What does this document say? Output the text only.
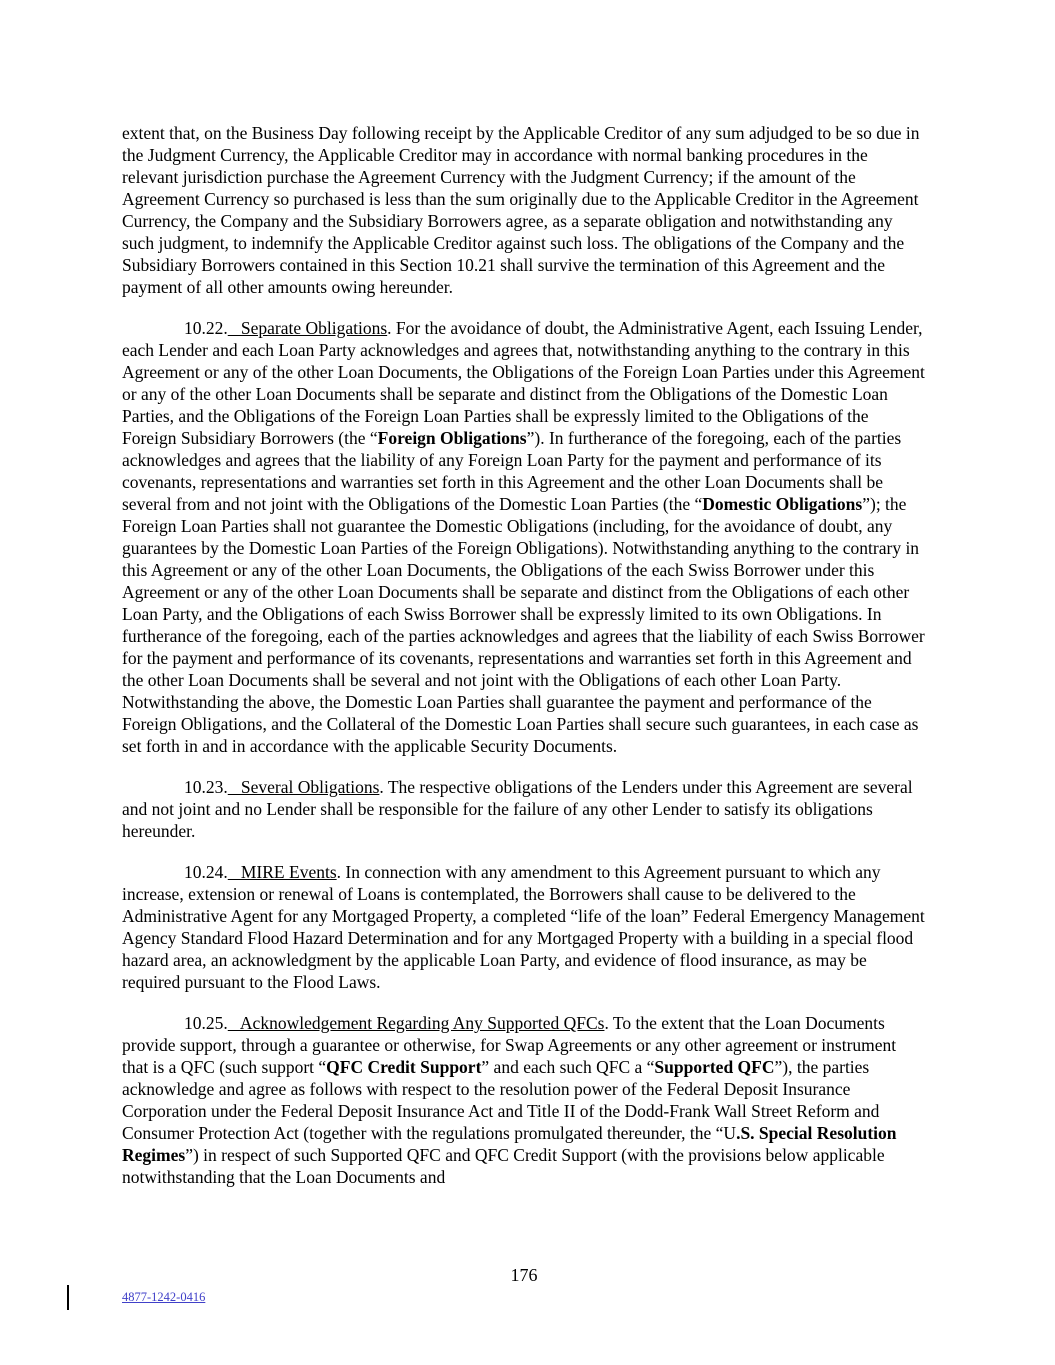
extent that, on the Business Day following receipt by the Applicable Creditor of any sum adjudged to be so due in the Judgment Currency, the Applicable Creditor may in accordance with normal banking procedures in the relevant jurisdiction purchase the Agreement Currency with the Judgment Currency; if the amount of the Agreement Currency so purchased is less than the sum originally due to the Applicable Creditor in the Agreement Currency, the Company and the Subsidiary Borrowers agree, as a separate obligation and notwithstanding any such judgment, to indemnify the Applicable Creditor against such loss. The obligations of the Company and the Subsidiary Borrowers contained in this Section 10.21 shall survive the termination of this Agreement and the payment of all other amounts owing hereunder.

10.22.   Separate Obligations. For the avoidance of doubt, the Administrative Agent, each Issuing Lender, each Lender and each Loan Party acknowledges and agrees that, notwithstanding anything to the contrary in this Agreement or any of the other Loan Documents, the Obligations of the Foreign Loan Parties under this Agreement or any of the other Loan Documents shall be separate and distinct from the Obligations of the Domestic Loan Parties, and the Obligations of the Foreign Loan Parties shall be expressly limited to the Obligations of the Foreign Subsidiary Borrowers (the “Foreign Obligations”). In furtherance of the foregoing, each of the parties acknowledges and agrees that the liability of any Foreign Loan Party for the payment and performance of its covenants, representations and warranties set forth in this Agreement and the other Loan Documents shall be several from and not joint with the Obligations of the Domestic Loan Parties (the “Domestic Obligations”); the Foreign Loan Parties shall not guarantee the Domestic Obligations (including, for the avoidance of doubt, any guarantees by the Domestic Loan Parties of the Foreign Obligations). Notwithstanding anything to the contrary in this Agreement or any of the other Loan Documents, the Obligations of the each Swiss Borrower under this Agreement or any of the other Loan Documents shall be separate and distinct from the Obligations of each other Loan Party, and the Obligations of each Swiss Borrower shall be expressly limited to its own Obligations. In furtherance of the foregoing, each of the parties acknowledges and agrees that the liability of each Swiss Borrower for the payment and performance of its covenants, representations and warranties set forth in this Agreement and the other Loan Documents shall be several and not joint with the Obligations of each other Loan Party. Notwithstanding the above, the Domestic Loan Parties shall guarantee the payment and performance of the Foreign Obligations, and the Collateral of the Domestic Loan Parties shall secure such guarantees, in each case as set forth in and in accordance with the applicable Security Documents.

10.23.   Several Obligations. The respective obligations of the Lenders under this Agreement are several and not joint and no Lender shall be responsible for the failure of any other Lender to satisfy its obligations hereunder.

10.24.   MIRE Events. In connection with any amendment to this Agreement pursuant to which any increase, extension or renewal of Loans is contemplated, the Borrowers shall cause to be delivered to the Administrative Agent for any Mortgaged Property, a completed “life of the loan” Federal Emergency Management Agency Standard Flood Hazard Determination and for any Mortgaged Property with a building in a special flood hazard area, an acknowledgment by the applicable Loan Party, and evidence of flood insurance, as may be required pursuant to the Flood Laws.

10.25.   Acknowledgement Regarding Any Supported QFCs. To the extent that the Loan Documents provide support, through a guarantee or otherwise, for Swap Agreements or any other agreement or instrument that is a QFC (such support “QFC Credit Support” and each such QFC a “Supported QFC”), the parties acknowledge and agree as follows with respect to the resolution power of the Federal Deposit Insurance Corporation under the Federal Deposit Insurance Act and Title II of the Dodd-Frank Wall Street Reform and Consumer Protection Act (together with the regulations promulgated thereunder, the “U.S. Special Resolution Regimes”) in respect of such Supported QFC and QFC Credit Support (with the provisions below applicable notwithstanding that the Loan Documents and

176
4877-1242-0416
